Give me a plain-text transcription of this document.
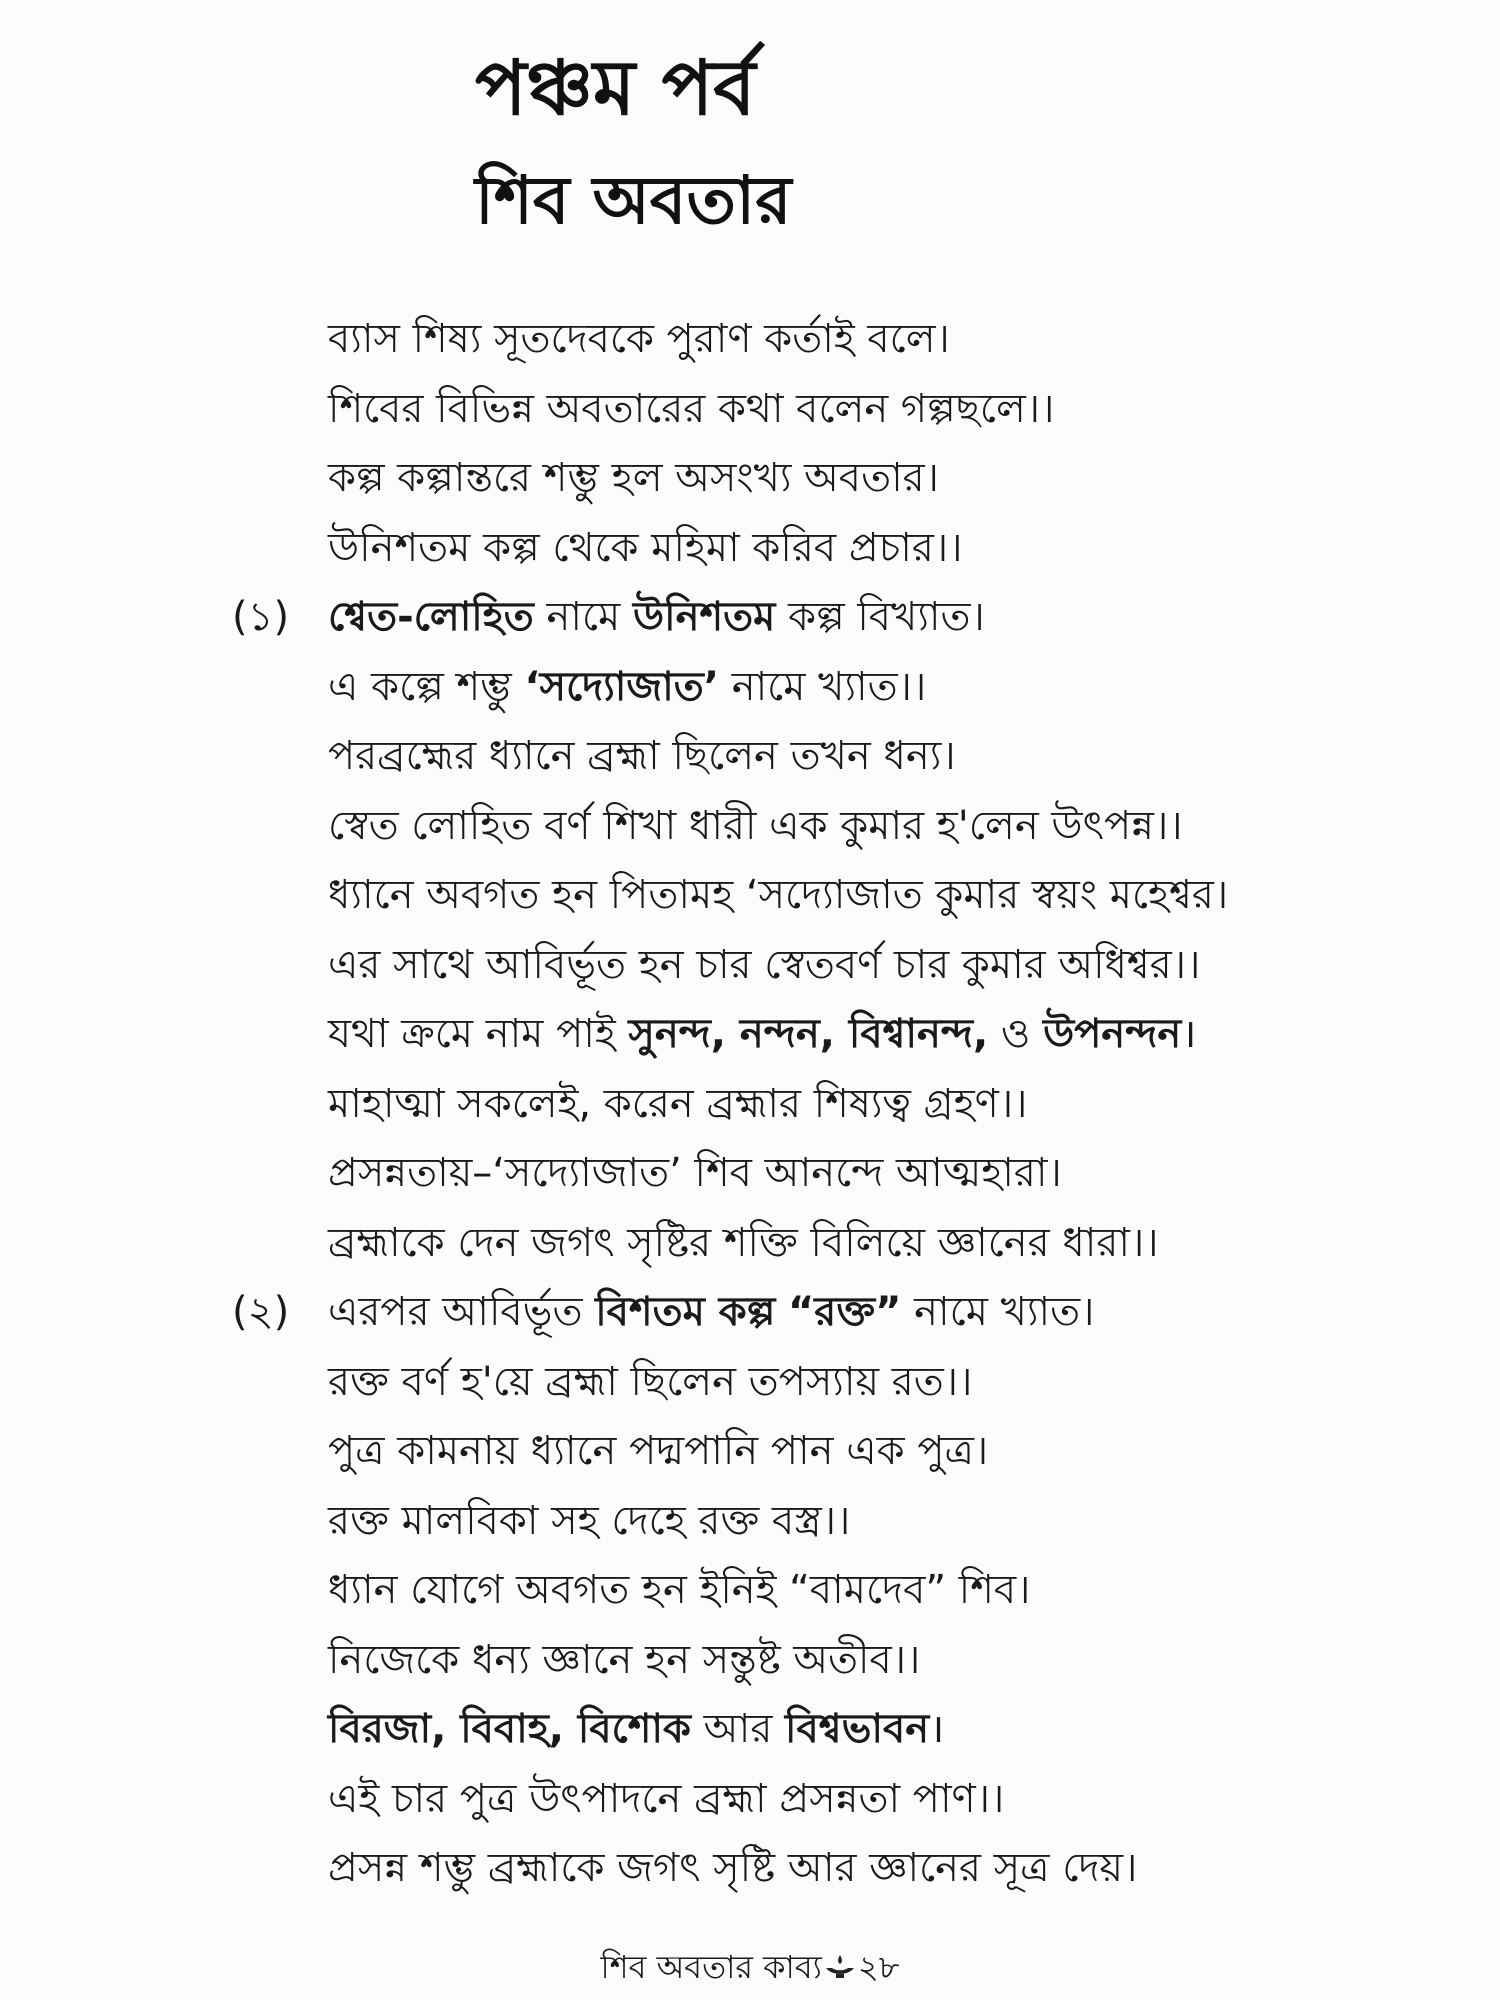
পঞ্চম পর্ব
শিব অবতার
ব্যাস শিষ্য সূতদেবকে পুরাণ কর্তাই বলে।
শিবের বিভিন্ন অবতারের কথা বলেন গল্পছলে।।
কল্প কল্পান্তরে শম্ভু হল অসংখ্য অবতার।
উনিশতম কল্প থেকে মহিমা করিব প্রচার।।
(১) শ্বেত-লোহিত নামে উনিশতম কল্প বিখ্যাত।
এ কল্পে শম্ভু ‘সদ্যোজাত’ নামে খ্যাত।।
পরব্রহ্মের ধ্যানে ব্রহ্মা ছিলেন তখন ধন্য।
স্বেত লোহিত বর্ণ শিখা ধারী এক কুমার হ'লেন উৎপন্ন।।
ধ্যানে অবগত হন পিতামহ ‘সদ্যোজাত কুমার স্বয়ং মহেশ্বর।
এর সাথে আবির্ভূত হন চার স্বেতবর্ণ চার কুমার অধিশ্বর।।
যথা ক্রমে নাম পাই সুনন্দ, নন্দন, বিশ্বানন্দ, ও উপনন্দন।
মাহাত্মা সকলেই, করেন ব্রহ্মার শিষ্যত্ব গ্রহণ।।
প্রসন্নতায়–‘সদ্যোজাত’ শিব আনন্দে আত্মহারা।
ব্রহ্মাকে দেন জগৎ সৃষ্টির শক্তি বিলিয়ে জ্ঞানের ধারা।।
(২) এরপর আবির্ভূত বিশতম কল্প “রক্ত” নামে খ্যাত।
রক্ত বর্ণ হ'য়ে ব্রহ্মা ছিলেন তপস্যায় রত।।
পুত্র কামনায় ধ্যানে পদ্মপানি পান এক পুত্র।
রক্ত মালবিকা সহ দেহে রক্ত বস্ত্র।।
ধ্যান যোগে অবগত হন ইনিই “বামদেব” শিব।
নিজেকে ধন্য জ্ঞানে হন সন্তুষ্ট অতীব।।
বিরজা, বিবাহ, বিশোক আর বিশ্বভাবন।
এই চার পুত্র উৎপাদনে ব্রহ্মা প্রসন্নতা পাণ।।
প্রসন্ন শম্ভু ব্রহ্মাকে জগৎ সৃষ্টি আর জ্ঞানের সূত্র দেয়।
শিব অবতার কাব্য ২৮
